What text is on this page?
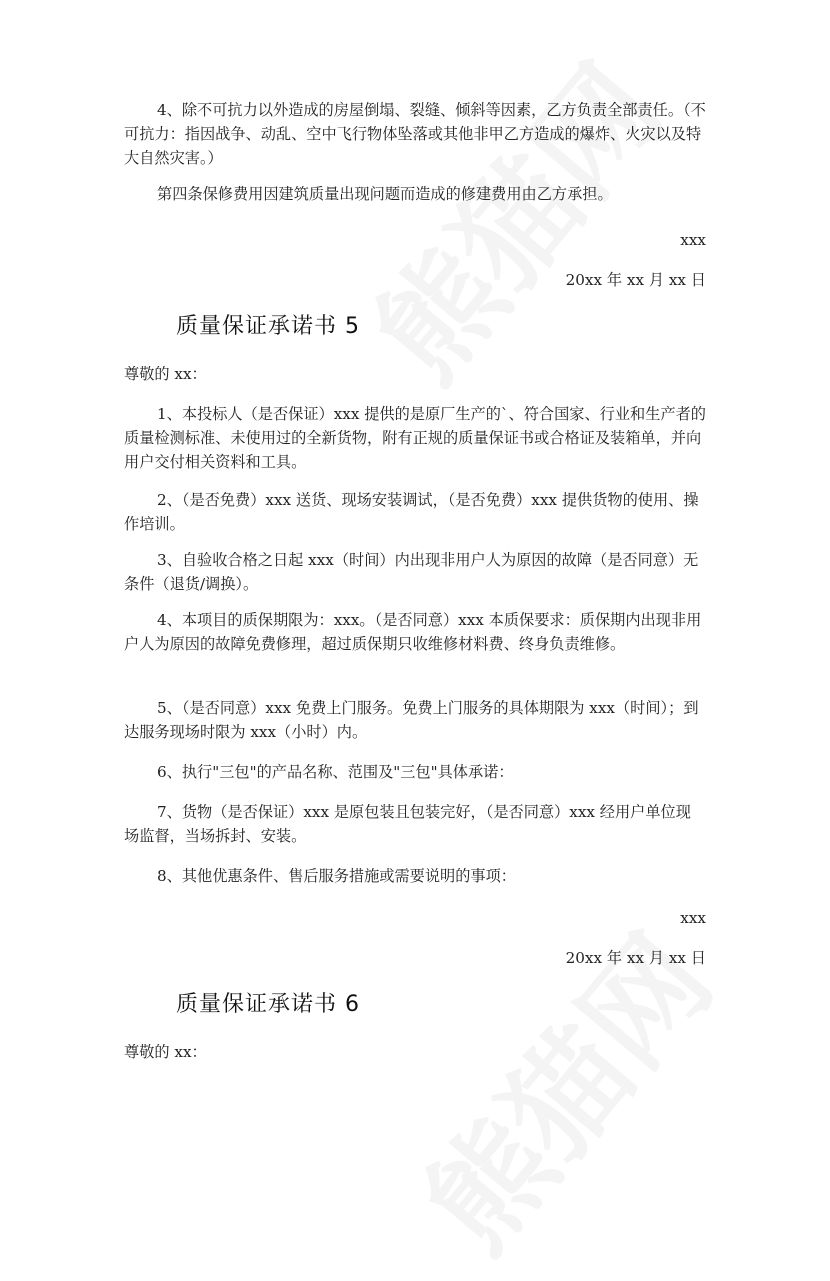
4、除不可抗力以外造成的房屋倒塌、裂缝、倾斜等因素，乙方负责全部责任。（不可抗力：指因战争、动乱、空中飞行物体坠落或其他非甲乙方造成的爆炸、火灾以及特大自然灾害。）
第四条保修费用因建筑质量出现问题而造成的修建费用由乙方承担。
xxx
20xx 年 xx 月 xx 日
质量保证承诺书 5
尊敬的 xx：
1、本投标人（是否保证）xxx 提供的是原厂生产的`、符合国家、行业和生产者的质量检测标准、未使用过的全新货物，附有正规的质量保证书或合格证及装箱单，并向用户交付相关资料和工具。
2、（是否免费）xxx 送货、现场安装调试，（是否免费）xxx 提供货物的使用、操作培训。
3、自验收合格之日起 xxx（时间）内出现非用户人为原因的故障（是否同意）无条件（退货/调换）。
4、本项目的质保期限为：xxx。（是否同意）xxx 本质保要求：质保期内出现非用户人为原因的故障免费修理，超过质保期只收维修材料费、终身负责维修。
5、（是否同意）xxx 免费上门服务。免费上门服务的具体期限为 xxx（时间）；到达服务现场时限为 xxx（小时）内。
6、执行"三包"的产品名称、范围及"三包"具体承诺：
7、货物（是否保证）xxx 是原包装且包装完好，（是否同意）xxx 经用户单位现场监督，当场拆封、安装。
8、其他优惠条件、售后服务措施或需要说明的事项：
xxx
20xx 年 xx 月 xx 日
质量保证承诺书 6
尊敬的 xx：
